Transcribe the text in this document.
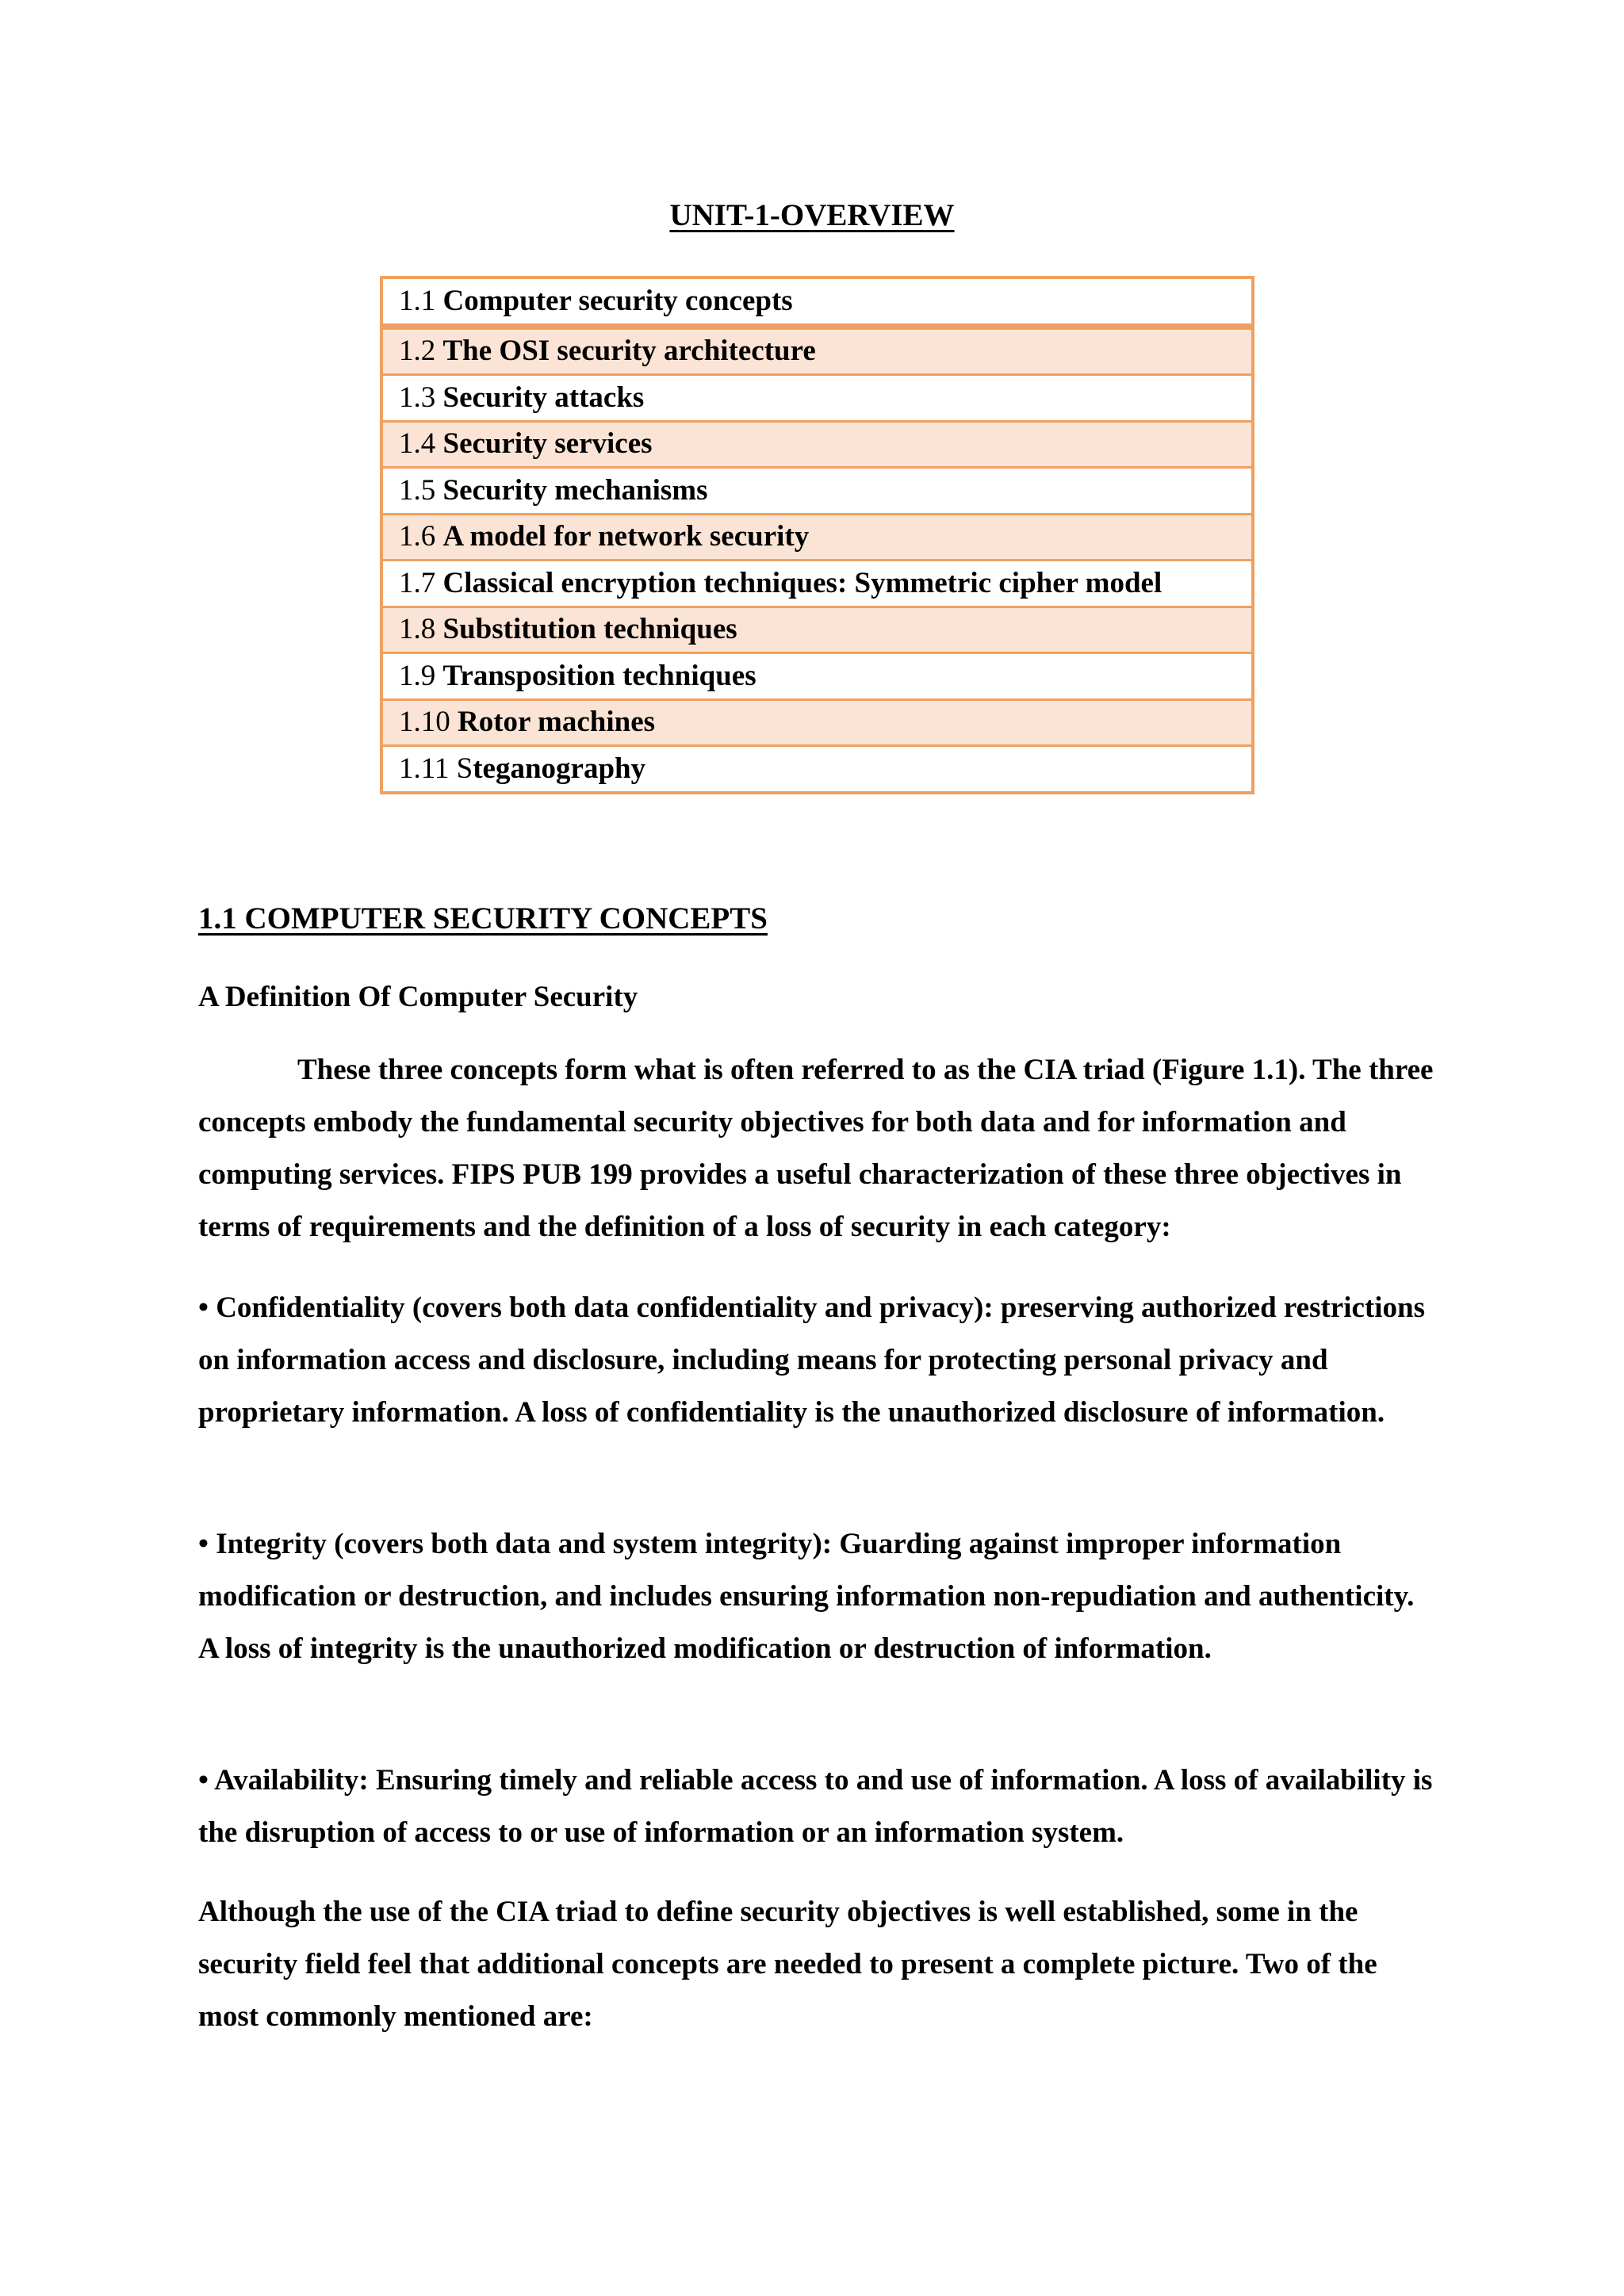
UNIT-1-OVERVIEW
1.1 Computer security concepts
1.2 The OSI security architecture
1.3 Security attacks
1.4 Security services
1.5 Security mechanisms
1.6 A model for network security
1.7 Classical encryption techniques: Symmetric cipher model
1.8 Substitution techniques
1.9 Transposition techniques
1.10 Rotor machines
1.11 Steganography
1.1 COMPUTER SECURITY CONCEPTS
A Definition Of Computer Security

These three concepts form what is often referred to as the CIA triad (Figure 1.1). The three concepts embody the fundamental security objectives for both data and for information and computing services. FIPS PUB 199 provides a useful characterization of these three objectives in terms of requirements and the definition of a loss of security in each category:

• Confidentiality (covers both data confidentiality and privacy): preserving authorized restrictions on information access and disclosure, including means for protecting personal privacy and proprietary information. A loss of confidentiality is the unauthorized disclosure of information.

• Integrity (covers both data and system integrity): Guarding against improper information modification or destruction, and includes ensuring information non-repudiation and authenticity. A loss of integrity is the unauthorized modification or destruction of information.

• Availability: Ensuring timely and reliable access to and use of information. A loss of availability is the disruption of access to or use of information or an information system.

Although the use of the CIA triad to define security objectives is well established, some in the security field feel that additional concepts are needed to present a complete picture. Two of the most commonly mentioned are:
